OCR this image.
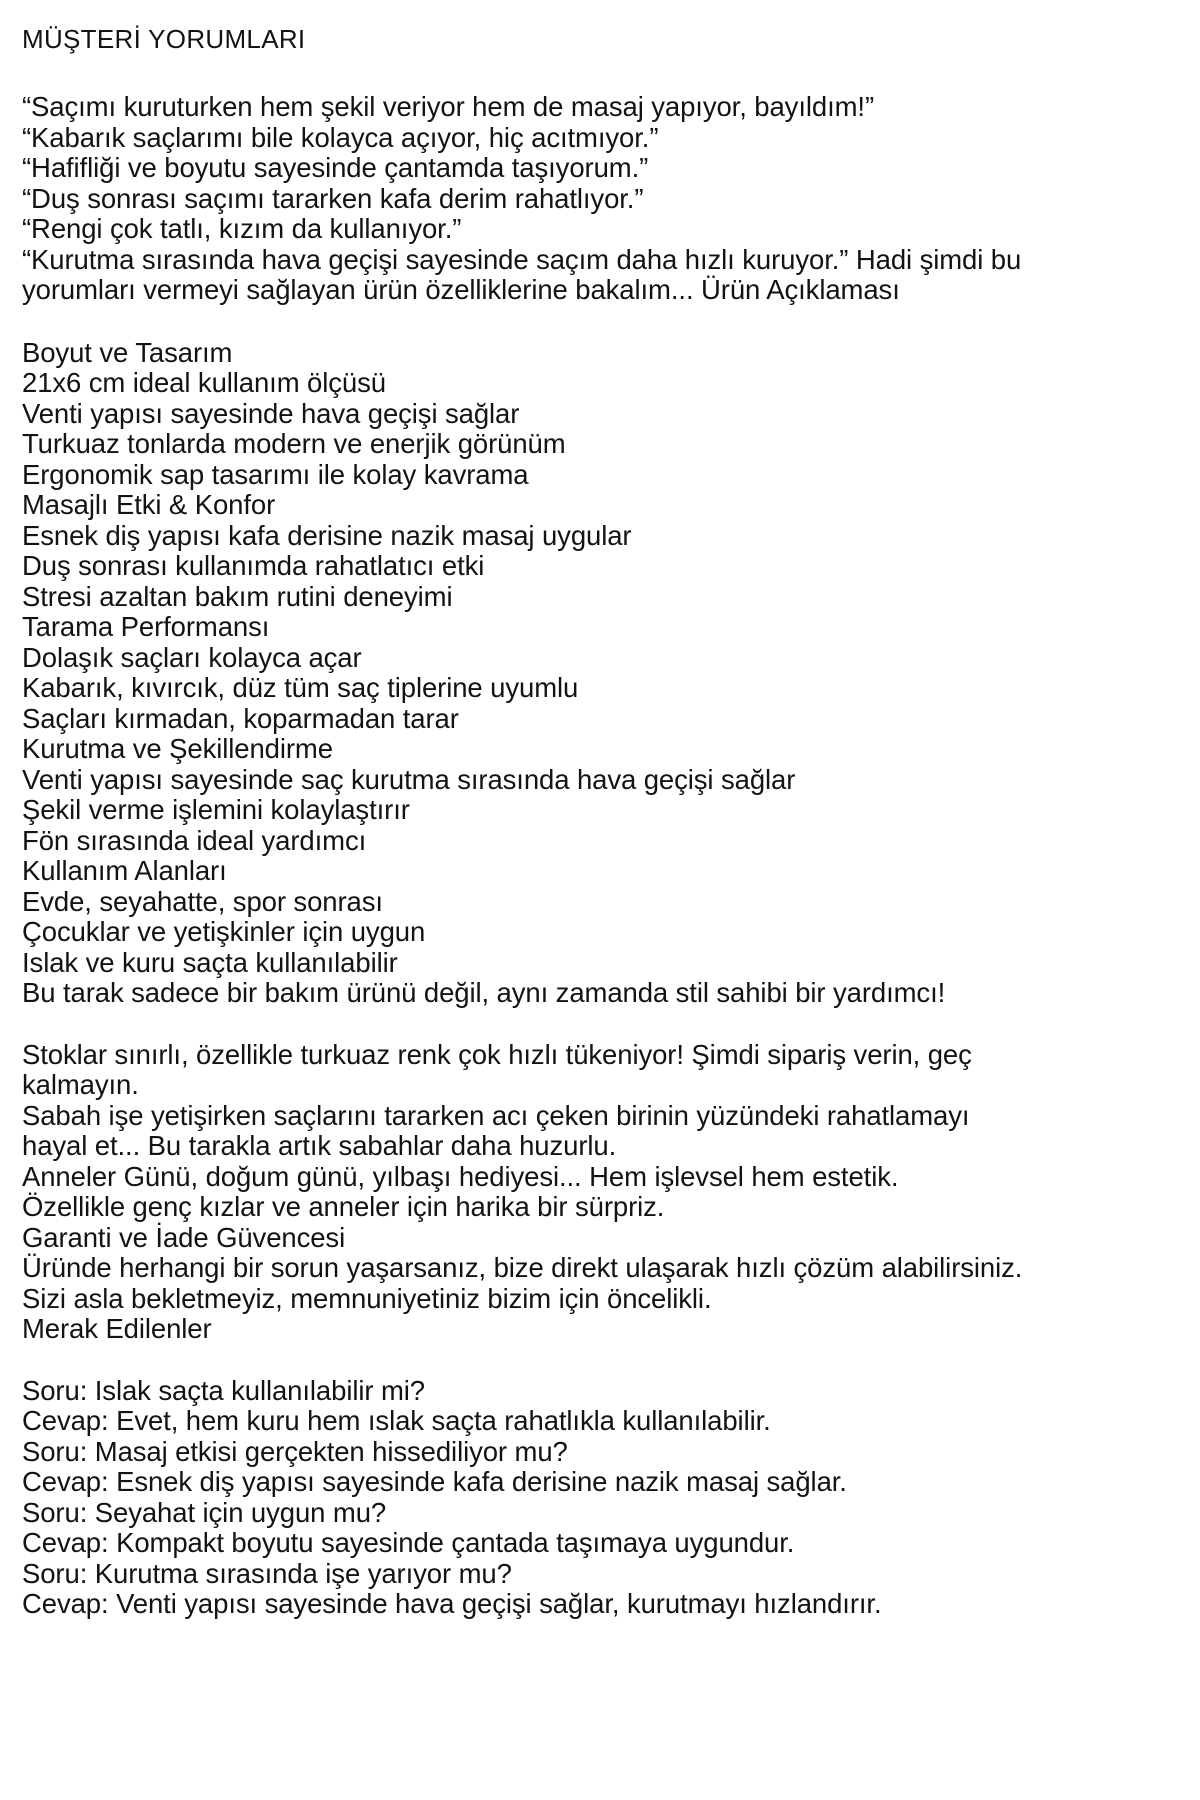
MÜŞTERİ YORUMLARI

“Saçımı kuruturken hem şekil veriyor hem de masaj yapıyor, bayıldım!”

“Kabarık saçlarımı bile kolayca açıyor, hiç acıtmıyor.”

“Hafifliği ve boyutu sayesinde çantamda taşıyorum.”

“Duş sonrası saçımı tararken kafa derim rahatlıyor.”

“Rengi çok tatlı, kızım da kullanıyor.”

“Kurutma sırasında hava geçişi sayesinde saçım daha hızlı kuruyor.” Hadi şimdi bu yorumları vermeyi sağlayan ürün özelliklerine bakalım... Ürün Açıklaması

Boyut ve Tasarım

21x6 cm ideal kullanım ölçüsü

Venti yapısı sayesinde hava geçişi sağlar

Turkuaz tonlarda modern ve enerjik görünüm

Ergonomik sap tasarımı ile kolay kavrama

Masajlı Etki & Konfor

Esnek diş yapısı kafa derisine nazik masaj uygular

Duş sonrası kullanımda rahatlatıcı etki

Stresi azaltan bakım rutini deneyimi

Tarama Performansı

Dolaşık saçları kolayca açar

Kabarık, kıvırcık, düz tüm saç tiplerine uyumlu

Saçları kırmadan, koparmadan tarar

Kurutma ve Şekillendirme

Venti yapısı sayesinde saç kurutma sırasında hava geçişi sağlar

Şekil verme işlemini kolaylaştırır

Fön sırasında ideal yardımcı

Kullanım Alanları

Evde, seyahatte, spor sonrası

Çocuklar ve yetişkinler için uygun

Islak ve kuru saçta kullanılabilir

Bu tarak sadece bir bakım ürünü değil, aynı zamanda stil sahibi bir yardımcı!

Stoklar sınırlı, özellikle turkuaz renk çok hızlı tükeniyor! Şimdi sipariş verin, geç kalmayın.

Sabah işe yetişirken saçlarını tararken acı çeken birinin yüzündeki rahatlamayı hayal et... Bu tarakla artık sabahlar daha huzurlu.

Anneler Günü, doğum günü, yılbaşı hediyesi... Hem işlevsel hem estetik.

Özellikle genç kızlar ve anneler için harika bir sürpriz.

Garanti ve İade Güvencesi

Üründe herhangi bir sorun yaşarsanız, bize direkt ulaşarak hızlı çözüm alabilirsiniz. Sizi asla bekletmeyiz, memnuniyetiniz bizim için öncelikli.

Merak Edilenler

Soru: Islak saçta kullanılabilir mi?

Cevap: Evet, hem kuru hem ıslak saçta rahatlıkla kullanılabilir.

Soru: Masaj etkisi gerçekten hissediliyor mu?

Cevap: Esnek diş yapısı sayesinde kafa derisine nazik masaj sağlar.

Soru: Seyahat için uygun mu?

Cevap: Kompakt boyutu sayesinde çantada taşımaya uygundur.

Soru: Kurutma sırasında işe yarıyor mu?

Cevap: Venti yapısı sayesinde hava geçişi sağlar, kurutmayı hızlandırır.
